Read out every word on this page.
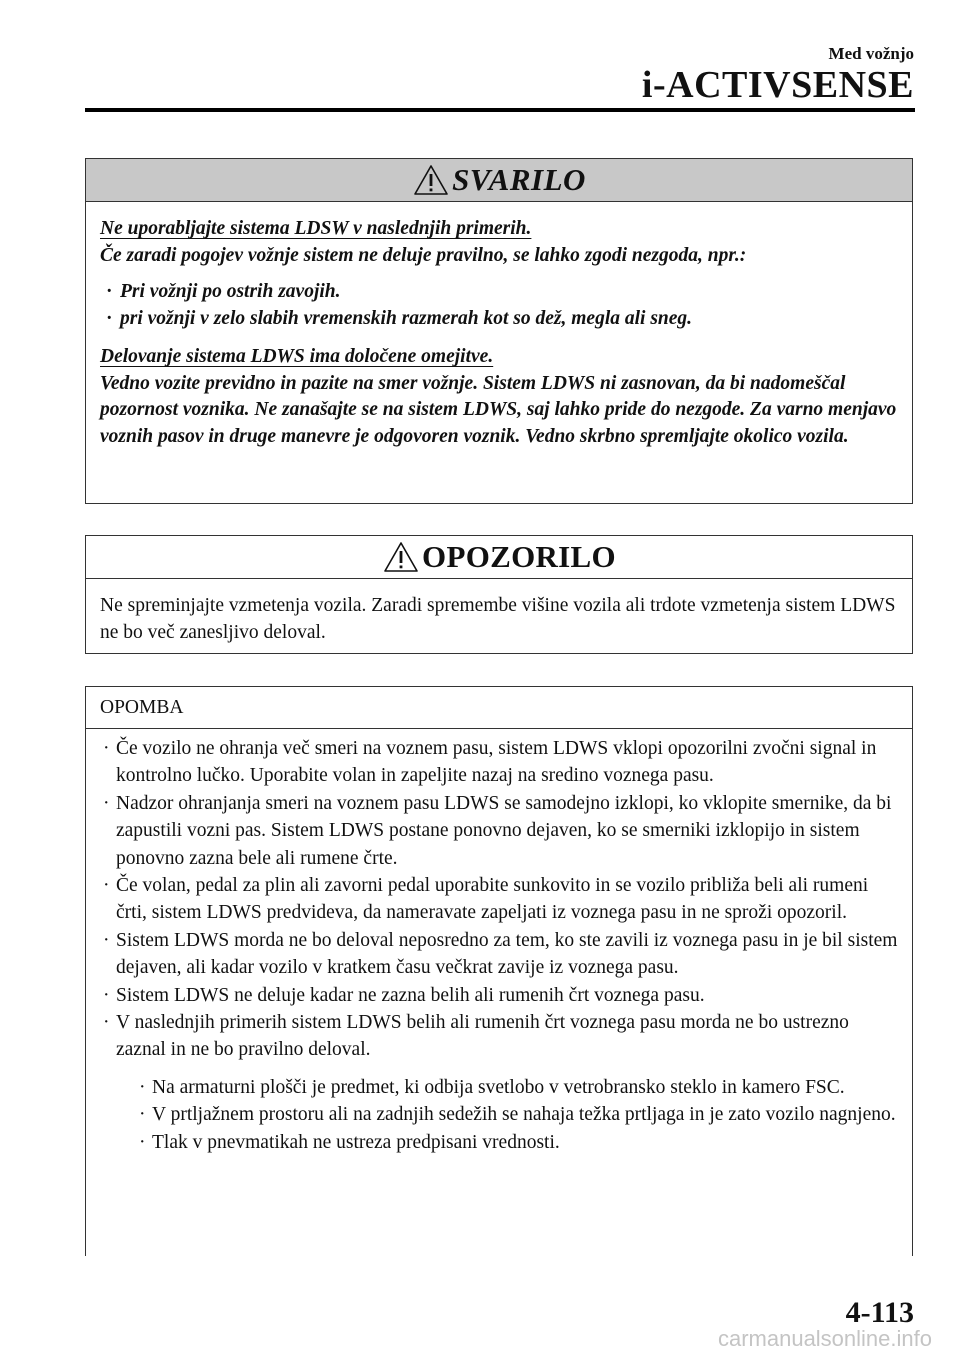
Med vožnjo
i-ACTIVSENSE
SVARILO

Ne uporabljajte sistema LDSW v naslednjih primerih.

Če zaradi pogojev vožnje sistem ne deluje pravilno, se lahko zgodi nezgoda, npr.:

· Pri vožnji po ostrih zavojih.
· pri vožnji v zelo slabih vremenskih razmerah kot so dež, megla ali sneg.

Delovanje sistema LDWS ima določene omejitve.

Vedno vozite previdno in pazite na smer vožnje. Sistem LDWS ni zasnovan, da bi nadomeščal pozornost voznika. Ne zanašajte se na sistem LDWS, saj lahko pride do nezgode. Za varno menjavo voznih pasov in druge manevre je odgovoren voznik. Vedno skrbno spremljajte okolico vozila.

OPOZORILO
Ne spreminjajte vzmetenja vozila. Zaradi spremembe višine vozila ali trdote vzmetenja sistem LDWS ne bo več zanesljivo deloval.
OPOMBA
· Če vozilo ne ohranja več smeri na voznem pasu, sistem LDWS vklopi opozorilni zvočni signal in kontrolno lučko. Uporabite volan in zapeljite nazaj na sredino voznega pasu.
· Nadzor ohranjanja smeri na voznem pasu LDWS se samodejno izklopi, ko vklopite smernike, da bi zapustili vozni pas. Sistem LDWS postane ponovno dejaven, ko se smerniki izklopijo in sistem ponovno zazna bele ali rumene črte.
· Če volan, pedal za plin ali zavorni pedal uporabite sunkovito in se vozilo približa beli ali rumeni črti, sistem LDWS predvideva, da nameravate zapeljati iz voznega pasu in ne sproži opozoril.
· Sistem LDWS morda ne bo deloval neposredno za tem, ko ste zavili iz voznega pasu in je bil sistem dejaven, ali kadar vozilo v kratkem času večkrat zavije iz voznega pasu.
· Sistem LDWS ne deluje kadar ne zazna belih ali rumenih črt voznega pasu.
· V naslednjih primerih sistem LDWS belih ali rumenih črt voznega pasu morda ne bo ustrezno zaznal in ne bo pravilno deloval.
· Na armaturni plošči je predmet, ki odbija svetlobo v vetrobransko steklo in kamero FSC.
· V prtljažnem prostoru ali na zadnjih sedežih se nahaja težka prtljaga in je zato vozilo nagnjeno.
· Tlak v pnevmatikah ne ustreza predpisani vrednosti.
4-113
carmanualsonline.info
